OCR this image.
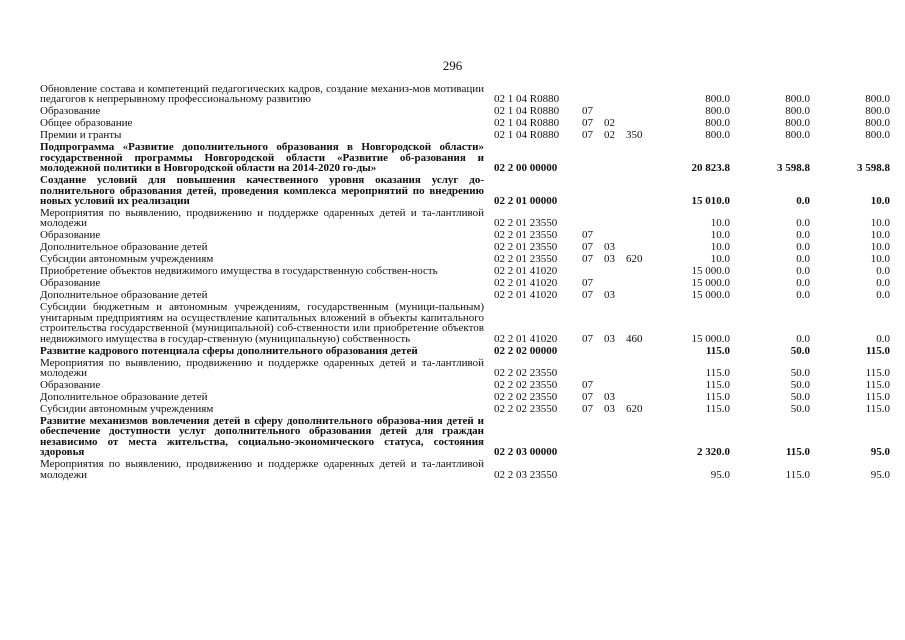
296
Обновление состава и компетенций педагогических кадров, создание механиз-мов мотивации педагогов к непрерывному профессиональному развитию	02 1 04 R0880				800.0	800.0	800.0
Образование	02 1 04 R0880	07			800.0	800.0	800.0
Общее образование	02 1 04 R0880	07	02		800.0	800.0	800.0
Премии и гранты	02 1 04 R0880	07	02	350	800.0	800.0	800.0
Подпрограмма «Развитие дополнительного образования в Новгородской области» государственной программы Новгородской области «Развитие об-разования и молодежной политики в Новгородской области на 2014-2020 го-ды»	02 2 00 00000				20 823.8	3 598.8	3 598.8
Создание условий для повышения качественного уровня оказания услуг до-полнительного образования детей, проведения комплекса мероприятий по внедрению новых условий их реализации	02 2 01 00000				15 010.0	0.0	10.0
Мероприятия по выявлению, продвижению и поддержке одаренных детей и та-лантливой молодежи	02 2 01 23550				10.0	0.0	10.0
Образование	02 2 01 23550	07			10.0	0.0	10.0
Дополнительное образование детей	02 2 01 23550	07	03		10.0	0.0	10.0
Субсидии автономным учреждениям	02 2 01 23550	07	03	620	10.0	0.0	10.0
Приобретение объектов недвижимого имущества в государственную собствен-ность	02 2 01 41020				15 000.0	0.0	0.0
Образование	02 2 01 41020	07			15 000.0	0.0	0.0
Дополнительное образование детей	02 2 01 41020	07	03		15 000.0	0.0	0.0
Субсидии бюджетным и автономным учреждениям, государственным (муници-пальным) унитарным предприятиям на осуществление капитальных вложений в объекты капитального строительства государственной (муниципальной) соб-ственности или приобретение объектов недвижимого имущества в государ-ственную (муниципальную) собственность	02 2 01 41020	07	03	460	15 000.0	0.0	0.0
Развитие кадрового потенциала сферы дополнительного образования детей	02 2 02 00000				115.0	50.0	115.0
Мероприятия по выявлению, продвижению и поддержке одаренных детей и та-лантливой молодежи	02 2 02 23550				115.0	50.0	115.0
Образование	02 2 02 23550	07			115.0	50.0	115.0
Дополнительное образование детей	02 2 02 23550	07	03		115.0	50.0	115.0
Субсидии автономным учреждениям	02 2 02 23550	07	03	620	115.0	50.0	115.0
Развитие механизмов вовлечения детей в сферу дополнительного образова-ния детей и обеспечение доступности услуг дополнительного образования детей для граждан независимо от места жительства, социально-экономического статуса, состояния здоровья	02 2 03 00000				2 320.0	115.0	95.0
Мероприятия по выявлению, продвижению и поддержке одаренных детей и та-лантливой молодежи	02 2 03 23550				95.0	115.0	95.0
